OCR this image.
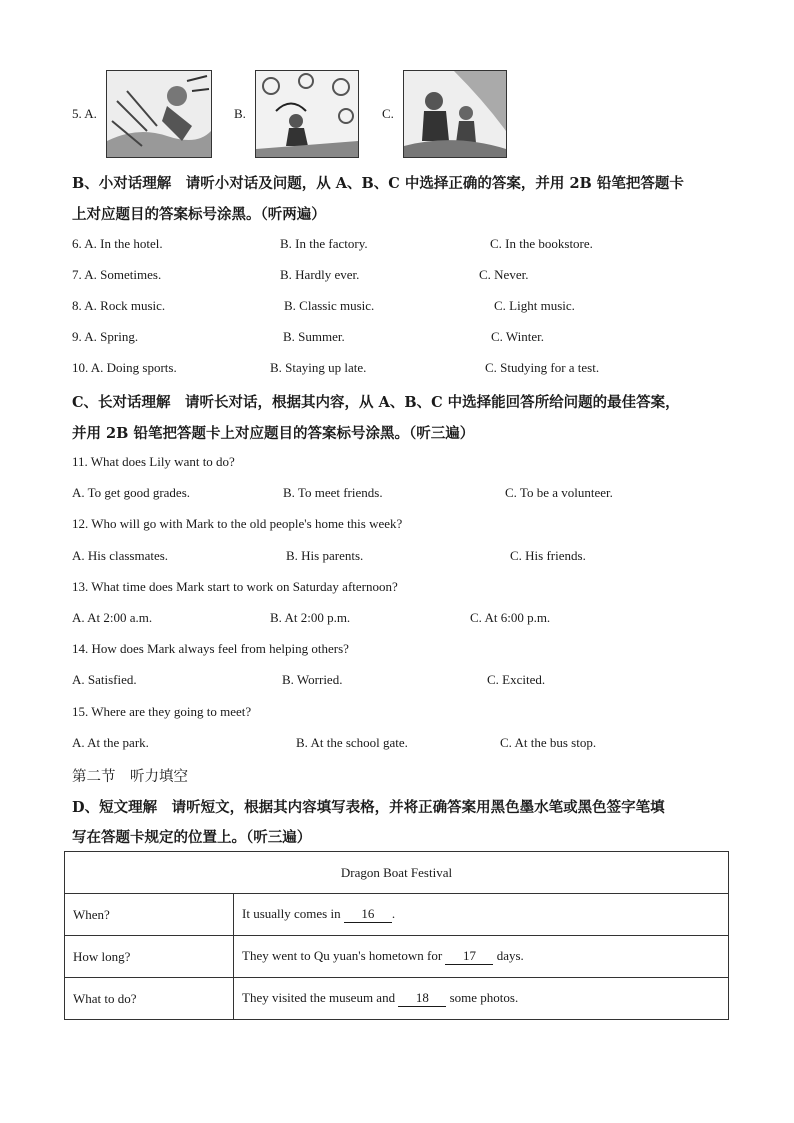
5. A.	B.	C.
B、小对话理解　请听小对话及问题，从 A、B、C 中选择正确的答案，并用 2B 铅笔把答题卡
上对应题目的答案标号涂黑。（听两遍）
6. A. In the hotel.	B. In the factory.	C. In the bookstore.
7. A. Sometimes.	B. Hardly ever.	C. Never.
8. A. Rock music.	B. Classic music.	C. Light music.
9. A. Spring.	B. Summer.	C. Winter.
10. A. Doing sports.	B. Staying up late.	C. Studying for a test.
C、长对话理解　请听长对话，根据其内容，从 A、B、C 中选择能回答所给问题的最佳答案，
并用 2B 铅笔把答题卡上对应题目的答案标号涂黑。（听三遍）
11. What does Lily want to do?
A. To get good grades.	B. To meet friends.	C. To be a volunteer.
12. Who will go with Mark to the old people's home this week?
A. His classmates.	B. His parents.	C. His friends.
13. What time does Mark start to work on Saturday afternoon?
A. At 2:00 a.m.	B. At 2:00 p.m.	C. At 6:00 p.m.
14. How does Mark always feel from helping others?
A. Satisfied.	B. Worried.	C. Excited.
15. Where are they going to meet?
A. At the park.	B. At the school gate.	C. At the bus stop.
第二节　听力填空
D、短文理解　请听短文，根据其内容填写表格，并将正确答案用黑色墨水笔或黑色签字笔填
写在答题卡规定的位置上。（听三遍）
Dragon Boat Festival	
When?	It usually comes in 16 .
How long?	They went to Qu yuan's hometown for 17 days.
What to do?	They visited the museum and 18 some photos.
